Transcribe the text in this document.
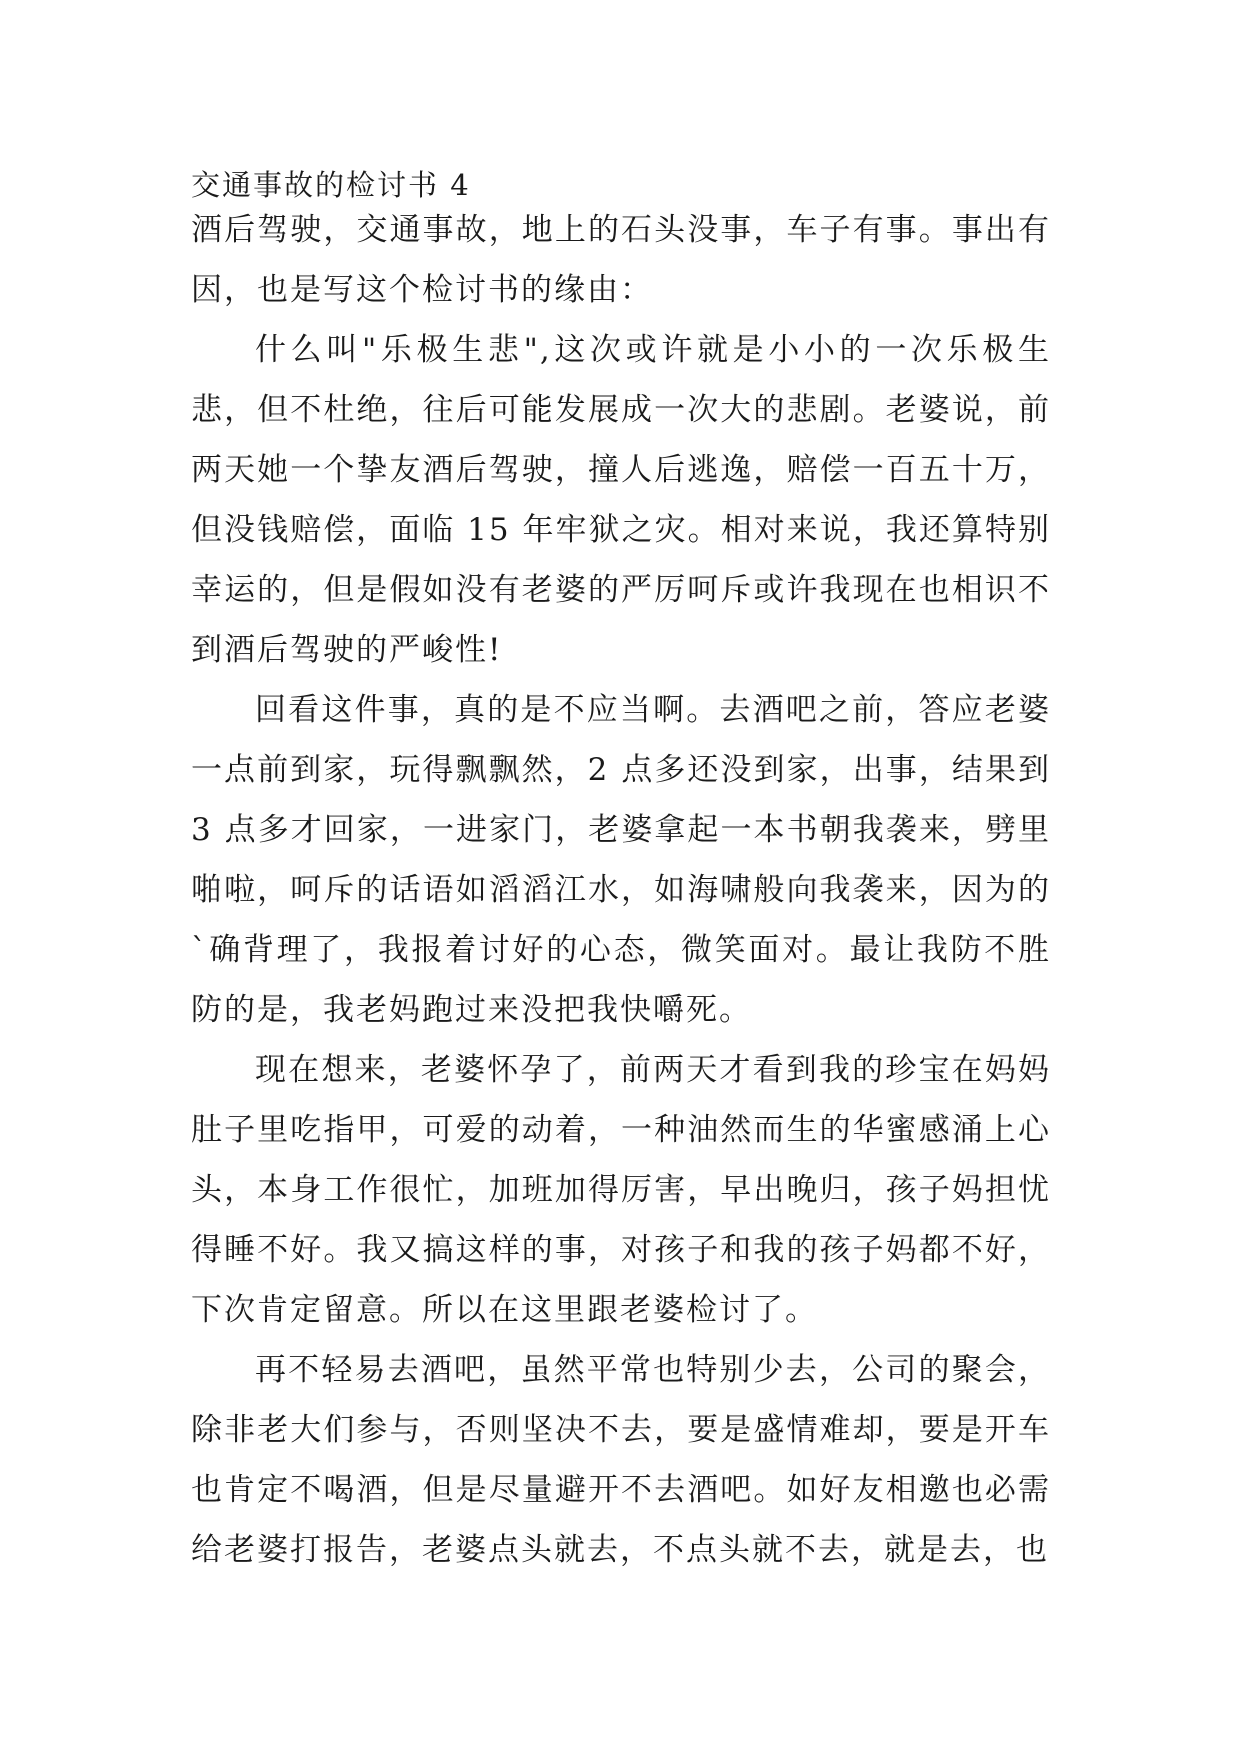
交通事故的检讨书 4

酒后驾驶，交通事故，地上的石头没事，车子有事。事出有因，也是写这个检讨书的缘由：

什么叫"乐极生悲",这次或许就是小小的一次乐极生悲，但不杜绝，往后可能发展成一次大的悲剧。老婆说，前两天她一个挚友酒后驾驶，撞人后逃逸，赔偿一百五十万，但没钱赔偿，面临 15 年牢狱之灾。相对来说，我还算特别幸运的，但是假如没有老婆的严厉呵斥或许我现在也相识不到酒后驾驶的严峻性!

回看这件事，真的是不应当啊。去酒吧之前，答应老婆一点前到家，玩得飘飘然，2 点多还没到家，出事，结果到 3 点多才回家，一进家门，老婆拿起一本书朝我袭来，劈里啪啦，呵斥的话语如滔滔江水，如海啸般向我袭来，因为的`确背理了，我报着讨好的心态，微笑面对。最让我防不胜防的是，我老妈跑过来没把我快嚼死。

现在想来，老婆怀孕了，前两天才看到我的珍宝在妈妈肚子里吃指甲，可爱的动着，一种油然而生的华蜜感涌上心头，本身工作很忙，加班加得厉害，早出晚归，孩子妈担忧得睡不好。我又搞这样的事，对孩子和我的孩子妈都不好，下次肯定留意。所以在这里跟老婆检讨了。

再不轻易去酒吧，虽然平常也特别少去，公司的聚会，除非老大们参与，否则坚决不去，要是盛情难却，要是开车也肯定不喝酒，但是尽量避开不去酒吧。如好友相邀也必需给老婆打报告，老婆点头就去，不点头就不去，就是去，也
